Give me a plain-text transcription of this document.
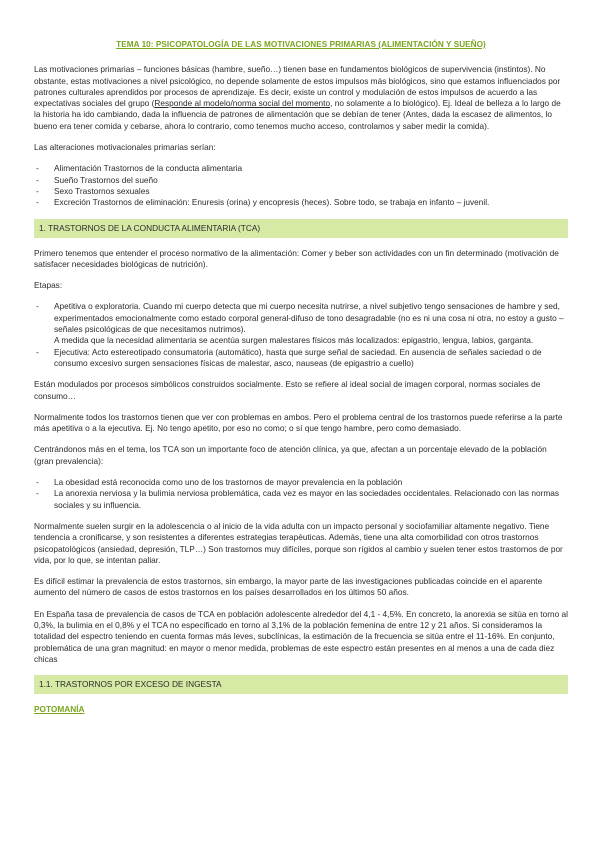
TEMA 10: PSICOPATOLOGÍA DE LAS MOTIVACIONES PRIMARIAS (ALIMENTACIÓN Y SUEÑO)

Las motivaciones primarias – funciones básicas (hambre, sueño…) tienen base en fundamentos biológicos de supervivencia (instintos). No obstante, estas motivaciones a nivel psicológico, no depende solamente de estos impulsos más biológicos, sino que estamos influenciados por patrones culturales aprendidos por procesos de aprendizaje. Es decir, existe un control y modulación de estos impulsos de acuerdo a las expectativas sociales del grupo (Responde al modelo/norma social del momento, no solamente a lo biológico). Ej. Ideal de belleza a lo largo de la historia ha ido cambiando, dada la influencia de patrones de alimentación que se debían de tener (Antes, dada la escasez de alimentos, lo bueno era tener comida y cebarse, ahora lo contrario, como tenemos mucho acceso, controlamos y saber medir la comida).

Las alteraciones motivacionales primarias serían:

- Alimentación Trastornos de la conducta alimentaria
- Sueño Trastornos del sueño
- Sexo Trastornos sexuales
- Excreción Trastornos de eliminación: Enuresis (orina) y encopresis (heces). Sobre todo, se trabaja en infanto – juvenil.
1. TRASTORNOS DE LA CONDUCTA ALIMENTARIA (TCA)

Primero tenemos que entender el proceso normativo de la alimentación: Comer y beber son actividades con un fin determinado (motivación de satisfacer necesidades biológicas de nutrición).

Etapas:

- Apetitiva o exploratoria. Cuando mi cuerpo detecta que mi cuerpo necesita nutrirse, a nivel subjetivo tengo sensaciones de hambre y sed, experimentados emocionalmente como estado corporal general-difuso de tono desagradable (no es ni una cosa ni otra, no estoy a gusto – señales psicológicas de que necesitamos nutrimos).
A medida que la necesidad alimentaria se acentúa surgen malestares físicos más localizados: epigastrio, lengua, labios, garganta.
- Ejecutiva: Acto estereotipado consumatoria (automático), hasta que surge señal de saciedad. En ausencia de señales saciedad o de consumo excesivo surgen sensaciones físicas de malestar, asco, nauseas (de epigastrio a cuello)

Están modulados por procesos simbólicos construidos socialmente. Esto se refiere al ideal social de imagen corporal, normas sociales de consumo…

Normalmente todos los trastornos tienen que ver con problemas en ambos. Pero el problema central de los trastornos puede referirse a la parte más apetitiva o a la ejecutiva. Ej. No tengo apetito, por eso no como; o sí que tengo hambre, pero como demasiado.

Centrándonos más en el tema, los TCA son un importante foco de atención clínica, ya que, afectan a un porcentaje elevado de la población (gran prevalencia):

- La obesidad está reconocida como uno de los trastornos de mayor prevalencia en la población
- La anorexia nerviosa y la bulimia nerviosa problemática, cada vez es mayor en las sociedades occidentales. Relacionado con las normas sociales y su influencia.

Normalmente suelen surgir en la adolescencia o al inicio de la vida adulta con un impacto personal y sociofamiliar altamente negativo. Tiene tendencia a cronificarse, y son resistentes a diferentes estrategias terapéuticas. Además, tiene una alta comorbilidad con otros trastornos psicopatológicos (ansiedad, depresión, TLP…) Son trastornos muy difíciles, porque son rígidos al cambio y suelen tener estos trastornos de por vida, por lo que, se intentan paliar.

Es difícil estimar la prevalencia de estos trastornos, sin embargo, la mayor parte de las investigaciones publicadas coincide en el aparente aumento del número de casos de estos trastornos en los países desarrollados en los últimos 50 años.

En España tasa de prevalencia de casos de TCA en población adolescente alrededor del 4,1 - 4,5%. En concreto, la anorexia se sitúa en torno al 0,3%, la bulimia en el 0,8% y el TCA no especificado en torno al 3,1% de la población femenina de entre 12 y 21 años. Si consideramos la totalidad del espectro teniendo en cuenta formas más leves, subclínicas, la estimación de la frecuencia se sitúa entre el 11-16%. En conjunto, problemática de una gran magnitud: en mayor o menor medida, problemas de este espectro están presentes en al menos a una de cada diez chicas

1.1. TRASTORNOS POR EXCESO DE INGESTA
POTOMANÍA
